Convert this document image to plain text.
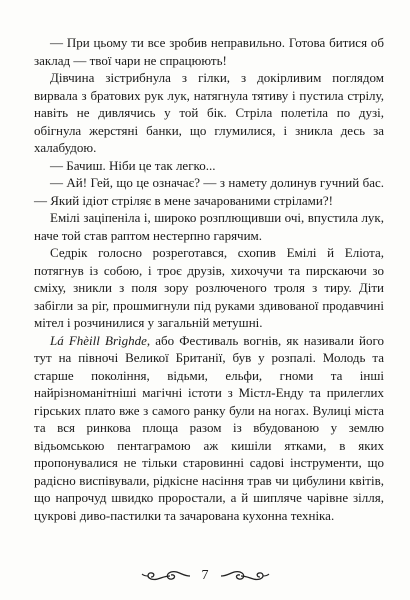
— При цьому ти все зробив неправильно. Готова битися об заклад — твої чари не спрацюють!

Дівчина зістрибнула з гілки, з докірливим поглядом вирвала з братових рук лук, натягнула тятиву і пустила стрілу, навіть не дивлячись у той бік. Стріла полетіла по дузі, обігнула жерстяні банки, що глумилися, і зникла десь за халабудою.

— Бачиш. Ніби це так легко...

— Ай! Гей, що це означає? — з намету долинув гучний бас. — Який ідіот стріляє в мене зачарованими стрілами?!

Емілі заціпеніла і, широко розплющивши очі, впустила лук, наче той став раптом нестерпно гарячим.

Седрік голосно розреготався, схопив Емілі й Еліота, потягнув із собою, і троє друзів, хихочучи та пирскаючи зо сміху, зникли з поля зору розлюченого троля з тиру. Діти забігли за ріг, прошмигнули під руками здивованої продавчині мітел і розчинилися у загальній метушні.

Lá Fhèill Brìghde, або Фестиваль вогнів, як називали його тут на півночі Великої Британії, був у розпалі. Молодь та старше покоління, відьми, ельфи, гноми та інші найрізноманітніші магічні істоти з Містл-Енду та прилеглих гірських плато вже з самого ранку були на ногах. Вулиці міста та вся ринкова площа разом із вбудованою у землю відьомською пентаграмою аж кишіли ятками, в яких пропонувалися не тільки старовинні садові інструменти, що радісно виспівували, рідкісне насіння трав чи цибулини квітів, що напрочуд швидко проростали, а й шипляче чарівне зілля, цукрові диво-пастилки та зачарована кухонна техніка.

7
